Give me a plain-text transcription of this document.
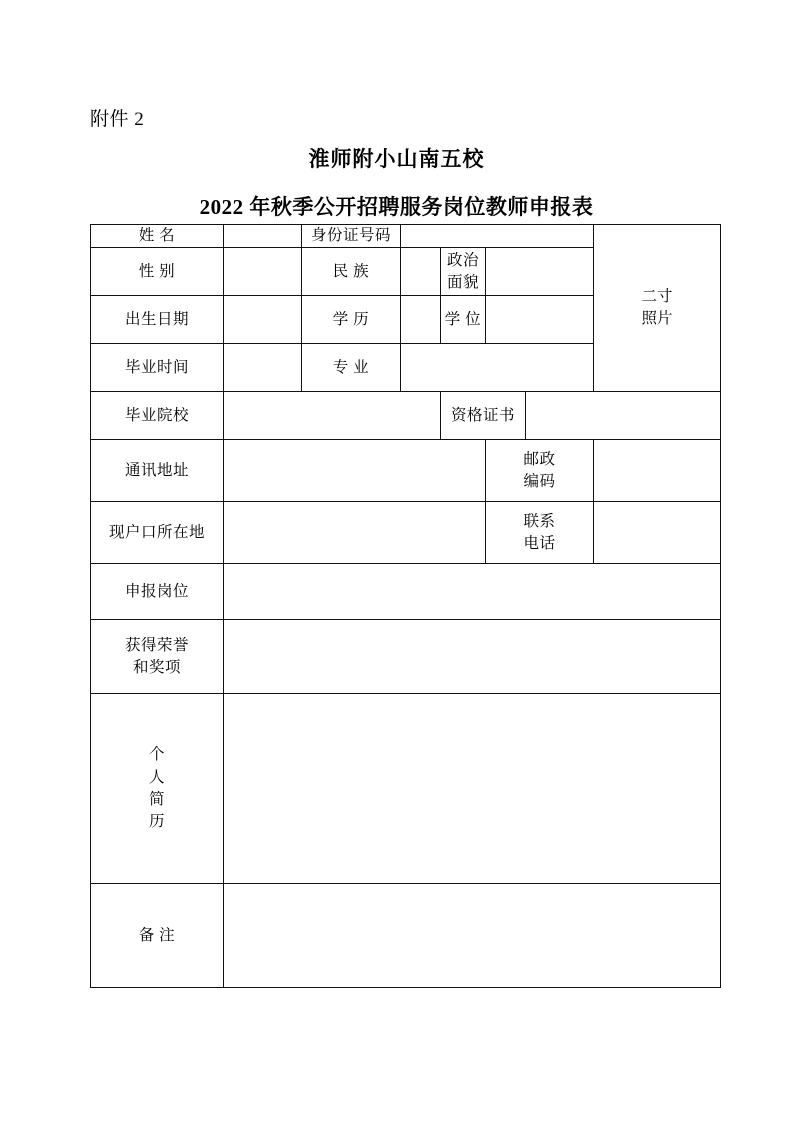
附件 2
淮师附小山南五校
2022 年秋季公开招聘服务岗位教师申报表
姓 名		身份证号码					二寸
照片

性 别		民 族		政治
面貌			

出生日期		学 历		学 位			
毕业时间		专 业					
毕业院校				资格证书			
通讯地址					邮政
编码		

现户口所在地					联系
电话		

申报岗位							

获得荣誉
和奖项							

个
人
简
历							

备 注							
